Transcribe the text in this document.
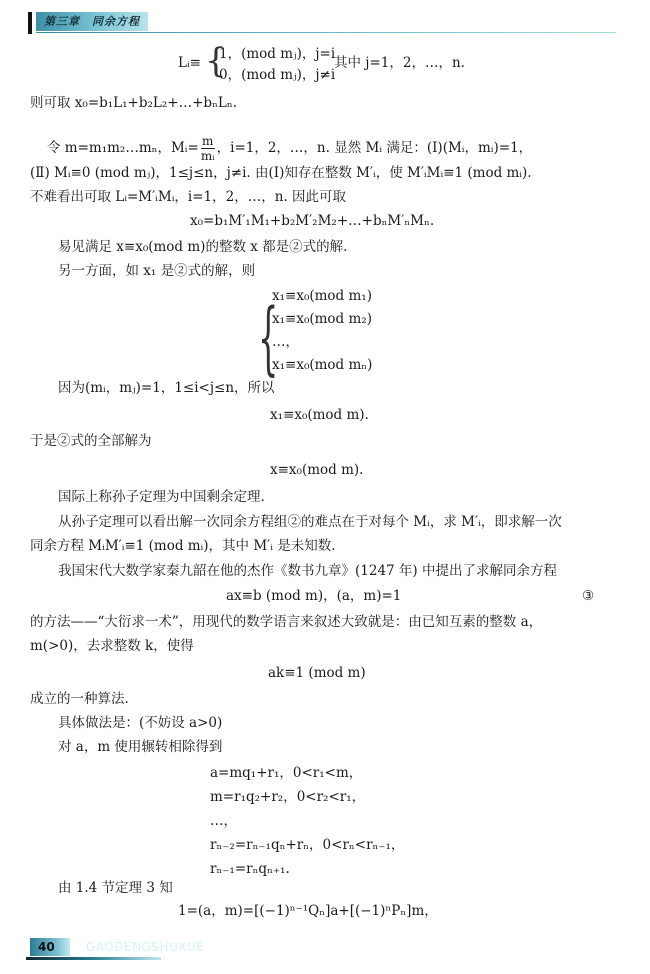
第三章　同余方程
Lᵢ≡ {
1，(mod mⱼ)，j=i
0，(mod mⱼ)，j≠i
其中 j=1，2，…，n.
则可取 x₀=b₁L₁+b₂L₂+…+bₙLₙ.
令 m=m₁m₂…mₙ，Mᵢ= $\frac{m}{\text{mᵢ}}$ ，i=1，2，…，n. 显然 Mᵢ 满足：(Ⅰ)(Mᵢ，mᵢ)=1，
(Ⅱ) Mᵢ≡0 (mod mⱼ)，1≤j≤n，j≠i. 由(Ⅰ)知存在整数 M′ᵢ，使 M′ᵢMᵢ≡1 (mod mᵢ).
不难看出可取 Lᵢ=M′ᵢMᵢ，i=1，2，…，n. 因此可取
x₀=b₁M′₁M₁+b₂M′₂M₂+…+bₙM′ₙMₙ.
易见满足 x≡x₀(mod m)的整数 x 都是②式的解.
另一方面，如 x₁ 是②式的解，则
{
x₁≡x₀(mod m₁)
x₁≡x₀(mod m₂)
…，
x₁≡x₀(mod mₙ)
因为(mᵢ，mⱼ)=1，1≤i<j≤n，所以
x₁≡x₀(mod m).
于是②式的全部解为
x≡x₀(mod m).
国际上称孙子定理为中国剩余定理.
从孙子定理可以看出解一次同余方程组②的难点在于对每个 Mᵢ，求 M′ᵢ，即求解一次
同余方程 MᵢM′ᵢ≡1 (mod mᵢ)，其中 M′ᵢ 是未知数.
我国宋代大数学家秦九韶在他的杰作《数书九章》(1247 年) 中提出了求解同余方程
ax≡b (mod m)，(a，m)=1	③
的方法——“大衍求一术”，用现代的数学语言来叙述大致就是：由已知互素的整数 a，
m(>0)，去求整数 k，使得
ak≡1 (mod m)
成立的一种算法.
具体做法是：(不妨设 a>0)
对 a，m 使用辗转相除得到
a=mq₁+r₁，0<r₁<m，
m=r₁q₂+r₂，0<r₂<r₁，
…，
rₙ₋₂=rₙ₋₁qₙ+rₙ，0<rₙ<rₙ₋₁，
rₙ₋₁=rₙqₙ₊₁.
由 1.4 节定理 3 知
1=(a，m)=[(−1)ⁿ⁻¹Qₙ]a+[(−1)ⁿPₙ]m，
40	GAODENGSHUXUE
